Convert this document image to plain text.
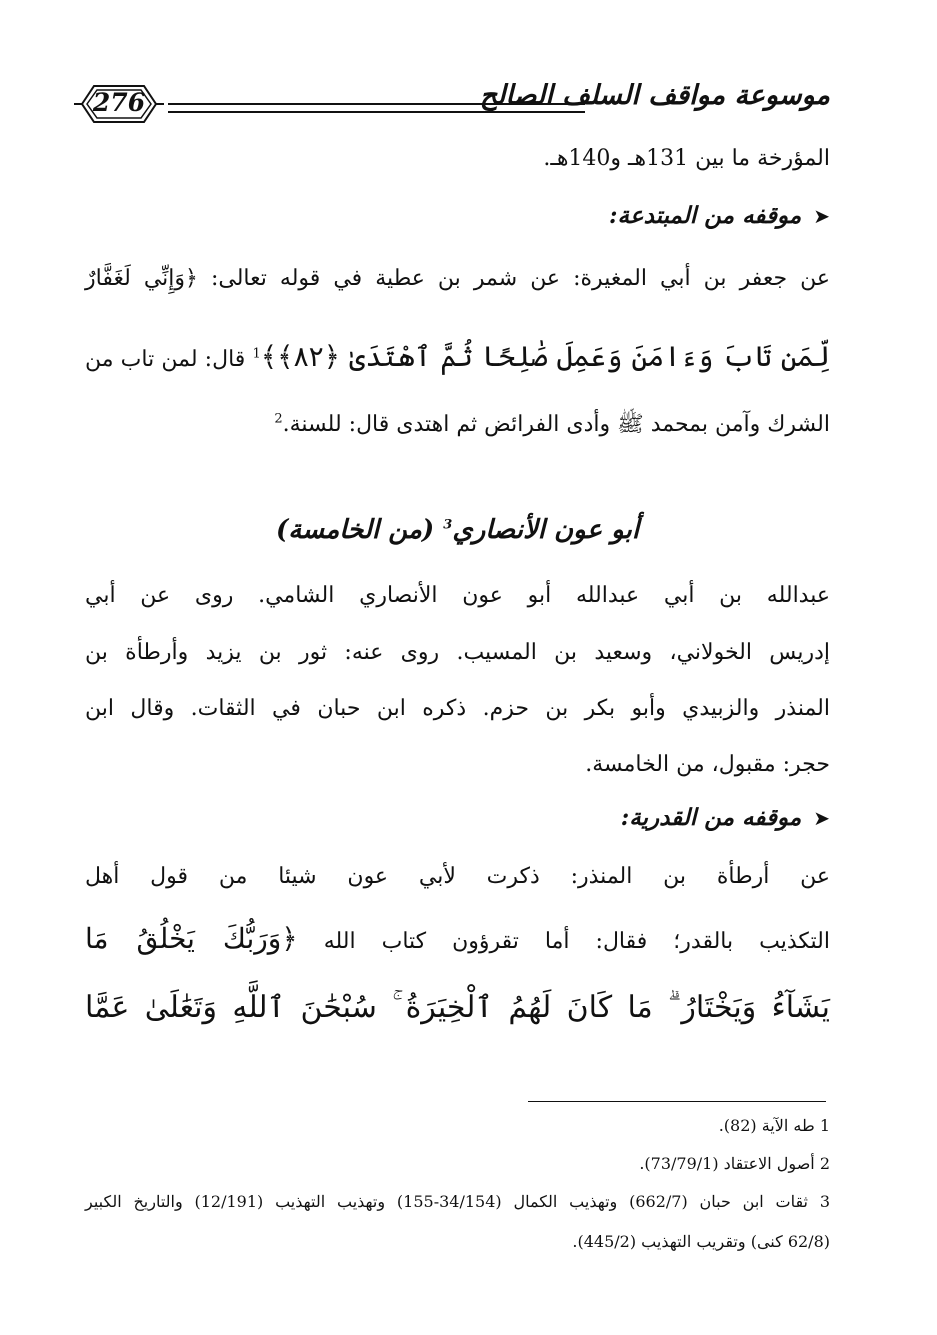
موسوعة مواقف السلف الصالح
276
المؤرخة ما بين 131هـ و140هـ.
➤موقفه من المبتدعة:
عن جعفر بن أبي المغيرة: عن شمر بن عطية في قوله تعالى: ﴿وَإِنِّي لَغَفَّارٌ
لِّمَن تَابَ وَءَامَنَ وَعَمِلَ صَٰلِحًا ثُمَّ ٱهْتَدَىٰ ﴿٨٢﴾﴾$^1$ قال: لمن تاب من
الشرك وآمن بمحمد ﷺ وأدى الفرائض ثم اهتدى قال: للسنة.$^2$
أبو عون الأنصاري$^3$ (من الخامسة)
عبدالله بن أبي عبدالله أبو عون الأنصاري الشامي. روى عن أبي
إدريس الخولاني، وسعيد بن المسيب. روى عنه: ثور بن يزيد وأرطأة بن
المنذر والزبيدي وأبو بكر بن حزم. ذكره ابن حبان في الثقات. وقال ابن
حجر: مقبول، من الخامسة.
➤موقفه من القدرية:
عن أرطأة بن المنذر: ذكرت لأبي عون شيئا من قول أهل
التكذيب بالقدر؛ فقال: أما تقرؤون كتاب الله ﴿وَرَبُّكَ يَخْلُقُ مَا
يَشَآءُ وَيَخْتَارُ ۗ مَا كَانَ لَهُمُ ٱلْخِيَرَةُ ۚ سُبْحَٰنَ ٱللَّهِ وَتَعَٰلَىٰ عَمَّا
1 طه الآية (82).
2 أصول الاعتقاد (73/79/1).
3 ثقات ابن حبان (662/7) وتهذيب الكمال (34/154-155) وتهذيب التهذيب (12/191) والتاريخ الكبير
(62/8 كنى) وتقريب التهذيب (445/2).
